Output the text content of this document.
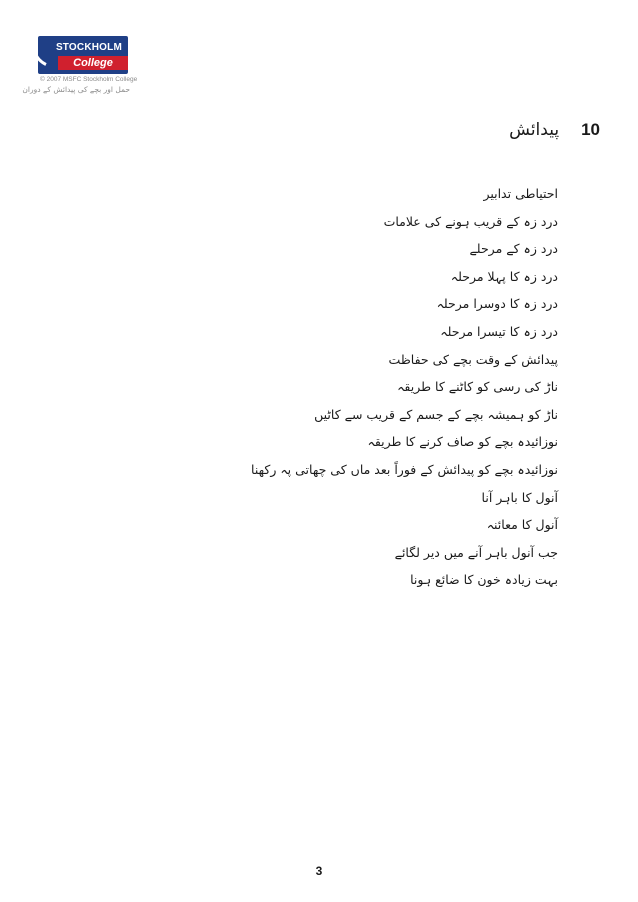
STOCKHOLM
College
© 2007 MSFC Stockholm College
حمل اور بچے کی پیدائش کے دوران
10
پیدائش
احتیاطی تدابیر
درد زہ کے قریب ہونے کی علامات
درد زہ کے مرحلے
درد زہ کا پہلا مرحلہ
درد زہ کا دوسرا مرحلہ
درد زہ کا تیسرا مرحلہ
پیدائش کے وقت بچے کی حفاظت
ناڑ کی رسی کو کاٹنے کا طریقہ
ناڑ کو ہمیشہ بچے کے جسم کے قریب سے کاٹیں
نوزائیدہ بچے کو صاف کرنے کا طریقہ
نوزائیدہ بچے کو پیدائش کے فوراً بعد ماں کی چھاتی پہ رکھنا
آنول کا باہر آنا
آنول کا معائنہ
جب آنول باہر آنے میں دیر لگائے
بہت زیادہ خون کا ضائع ہونا
3
